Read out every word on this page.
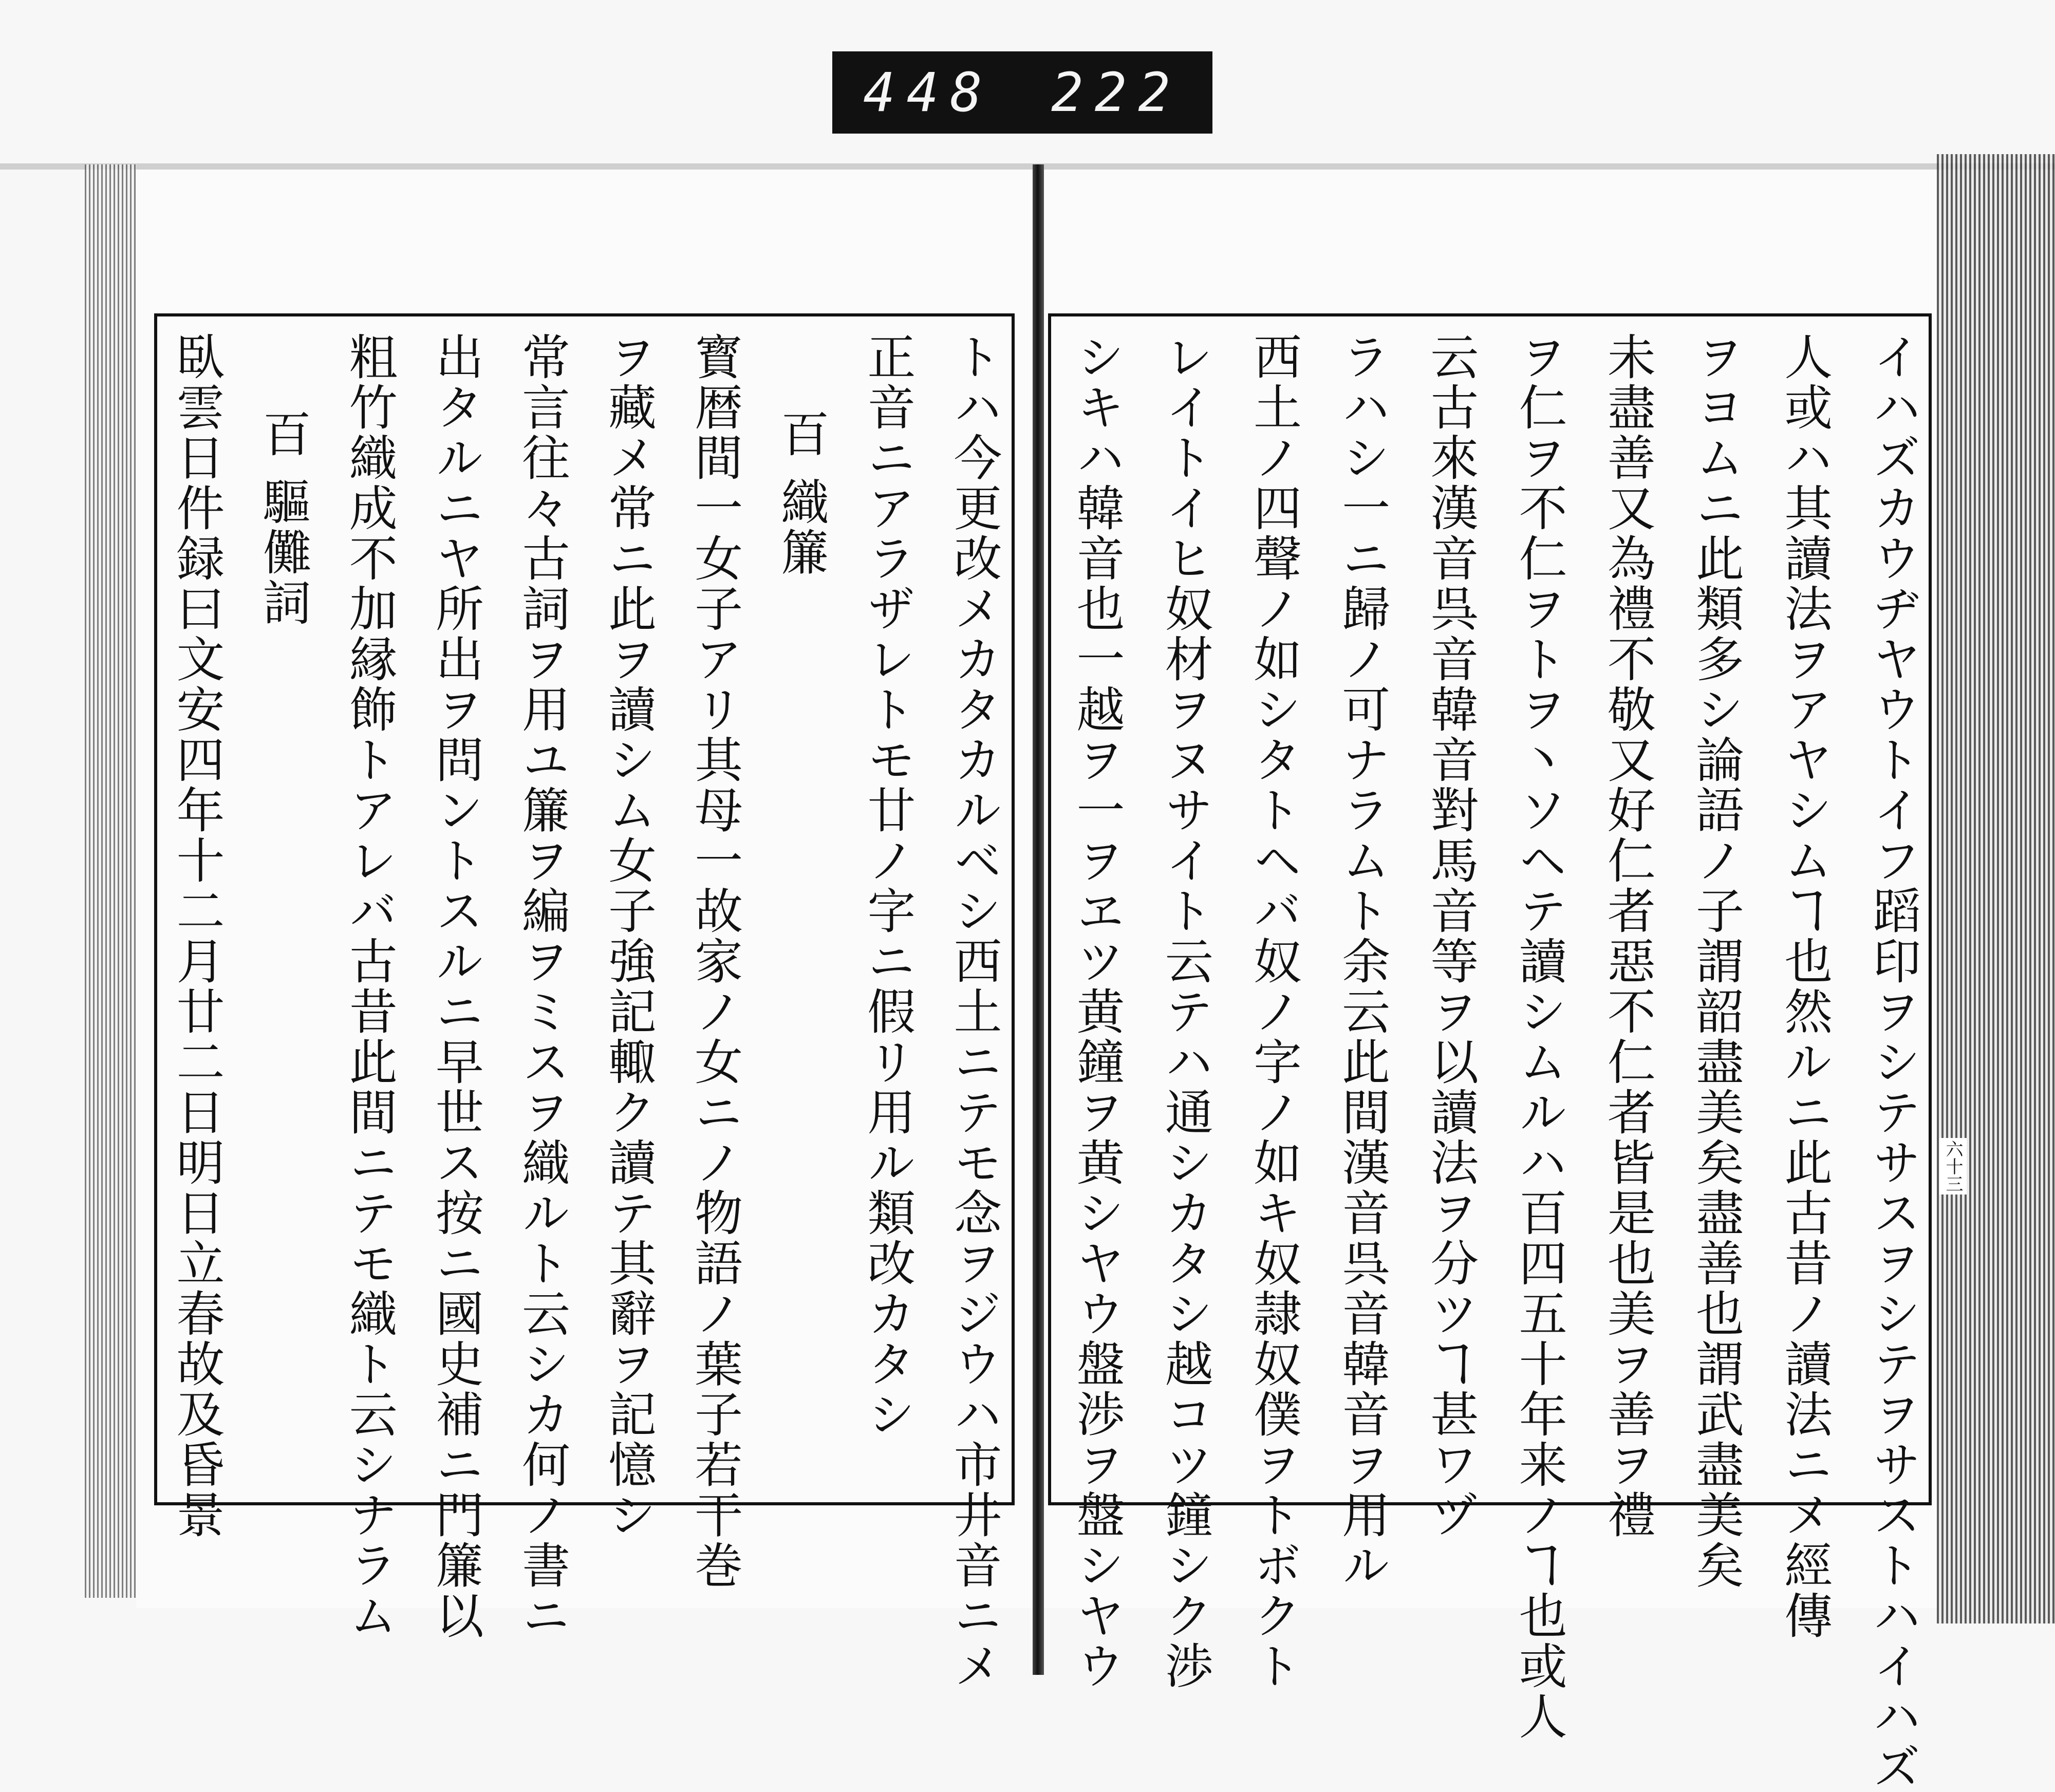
448 222
トハ今更改メカタカルベシ西土ニテモ念ヲジウハ市井音ニメ
正音ニアラザレトモ廿ノ字ニ假リ用ル類改カタシ
百 織簾
寳暦間一女子アリ其母一故家ノ女ニノ物語ノ葉子若干巻
ヲ藏メ常ニ此ヲ讀シム女子強記輙ク讀テ其辭ヲ記憶シ
常言往々古詞ヲ用ユ簾ヲ編ヲミスヲ織ルト云シカ何ノ書ニ
出タルニヤ所出ヲ問ントスルニ早世ス按ニ國史補ニ門簾以
粗竹織成不加縁飾トアレバ古昔此間ニテモ織ト云シナラム
百 驅儺詞
臥雲日件録曰文安四年十二月廿二日明日立春故及昏景	イハズカウヂヤウトイフ蹈印ヲシテサスヲシテヲサストハイハズ
人或ハ其讀法ヲアヤシムヿ也然ルニ此古昔ノ讀法ニメ經傳
ヲヨムニ此類多シ論語ノ子謂韶盡美矣盡善也謂武盡美矣
未盡善又為禮不敬又好仁者惡不仁者皆是也美ヲ善ヲ禮
ヲ仁ヲ不仁ヲトヲ丶ソヘテ讀シムルハ百四五十年来ノヿ也或人
云古來漢音呉音韓音對馬音等ヲ以讀法ヲ分ツヿ甚ワヅ
ラハシ一ニ歸ノ可ナラムト余云此間漢音呉音韓音ヲ用ル
西土ノ四聲ノ如シタトヘバ奴ノ字ノ如キ奴隷奴僕ヲトボクト
レイトイヒ奴材ヲヌサイト云テハ通シカタシ越コツ鐘シク渉
シキハ韓音也一越ヲ一ヲヱツ黄鐘ヲ黄シヤウ盤渉ヲ盤シヤウ	六十三
